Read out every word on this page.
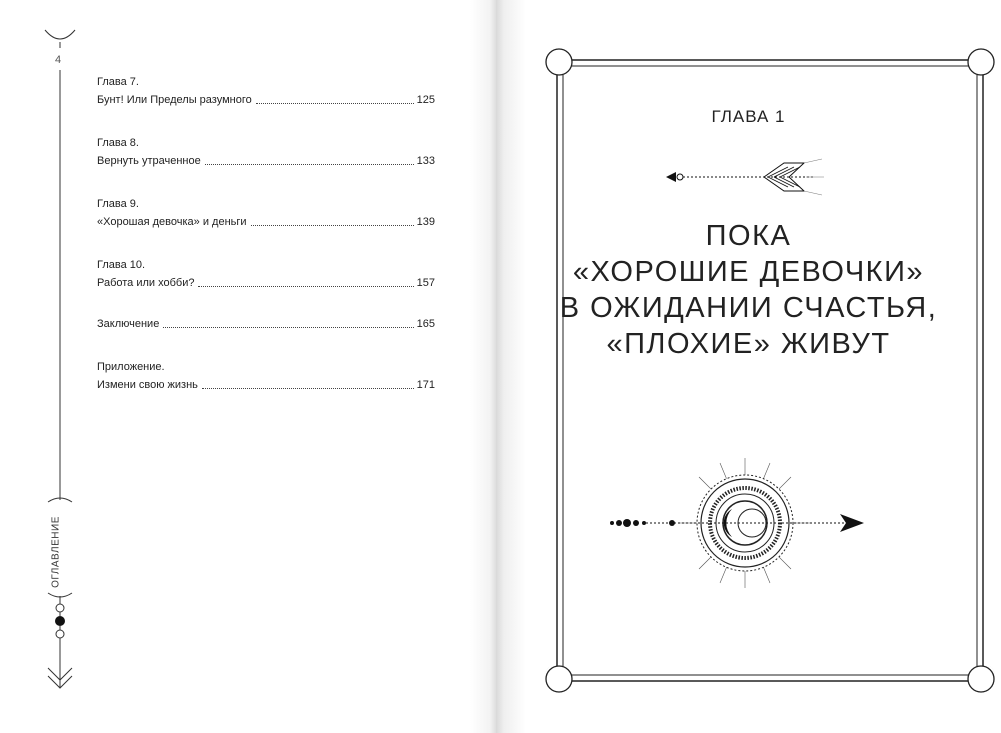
4
ОГЛАВЛЕНИЕ
Глава 7.
Бунт! Или Пределы разумного	125
Глава 8.
Вернуть утраченное	133
Глава 9.
«Хорошая девочка» и деньги	139
Глава 10.
Работа или хобби?	157
Заключение	165
Приложение.
Измени свою жизнь	171
ГЛАВА 1
ПОКА
«ХОРОШИЕ ДЕВОЧКИ»
В ОЖИДАНИИ СЧАСТЬЯ,
«ПЛОХИЕ» ЖИВУТ
